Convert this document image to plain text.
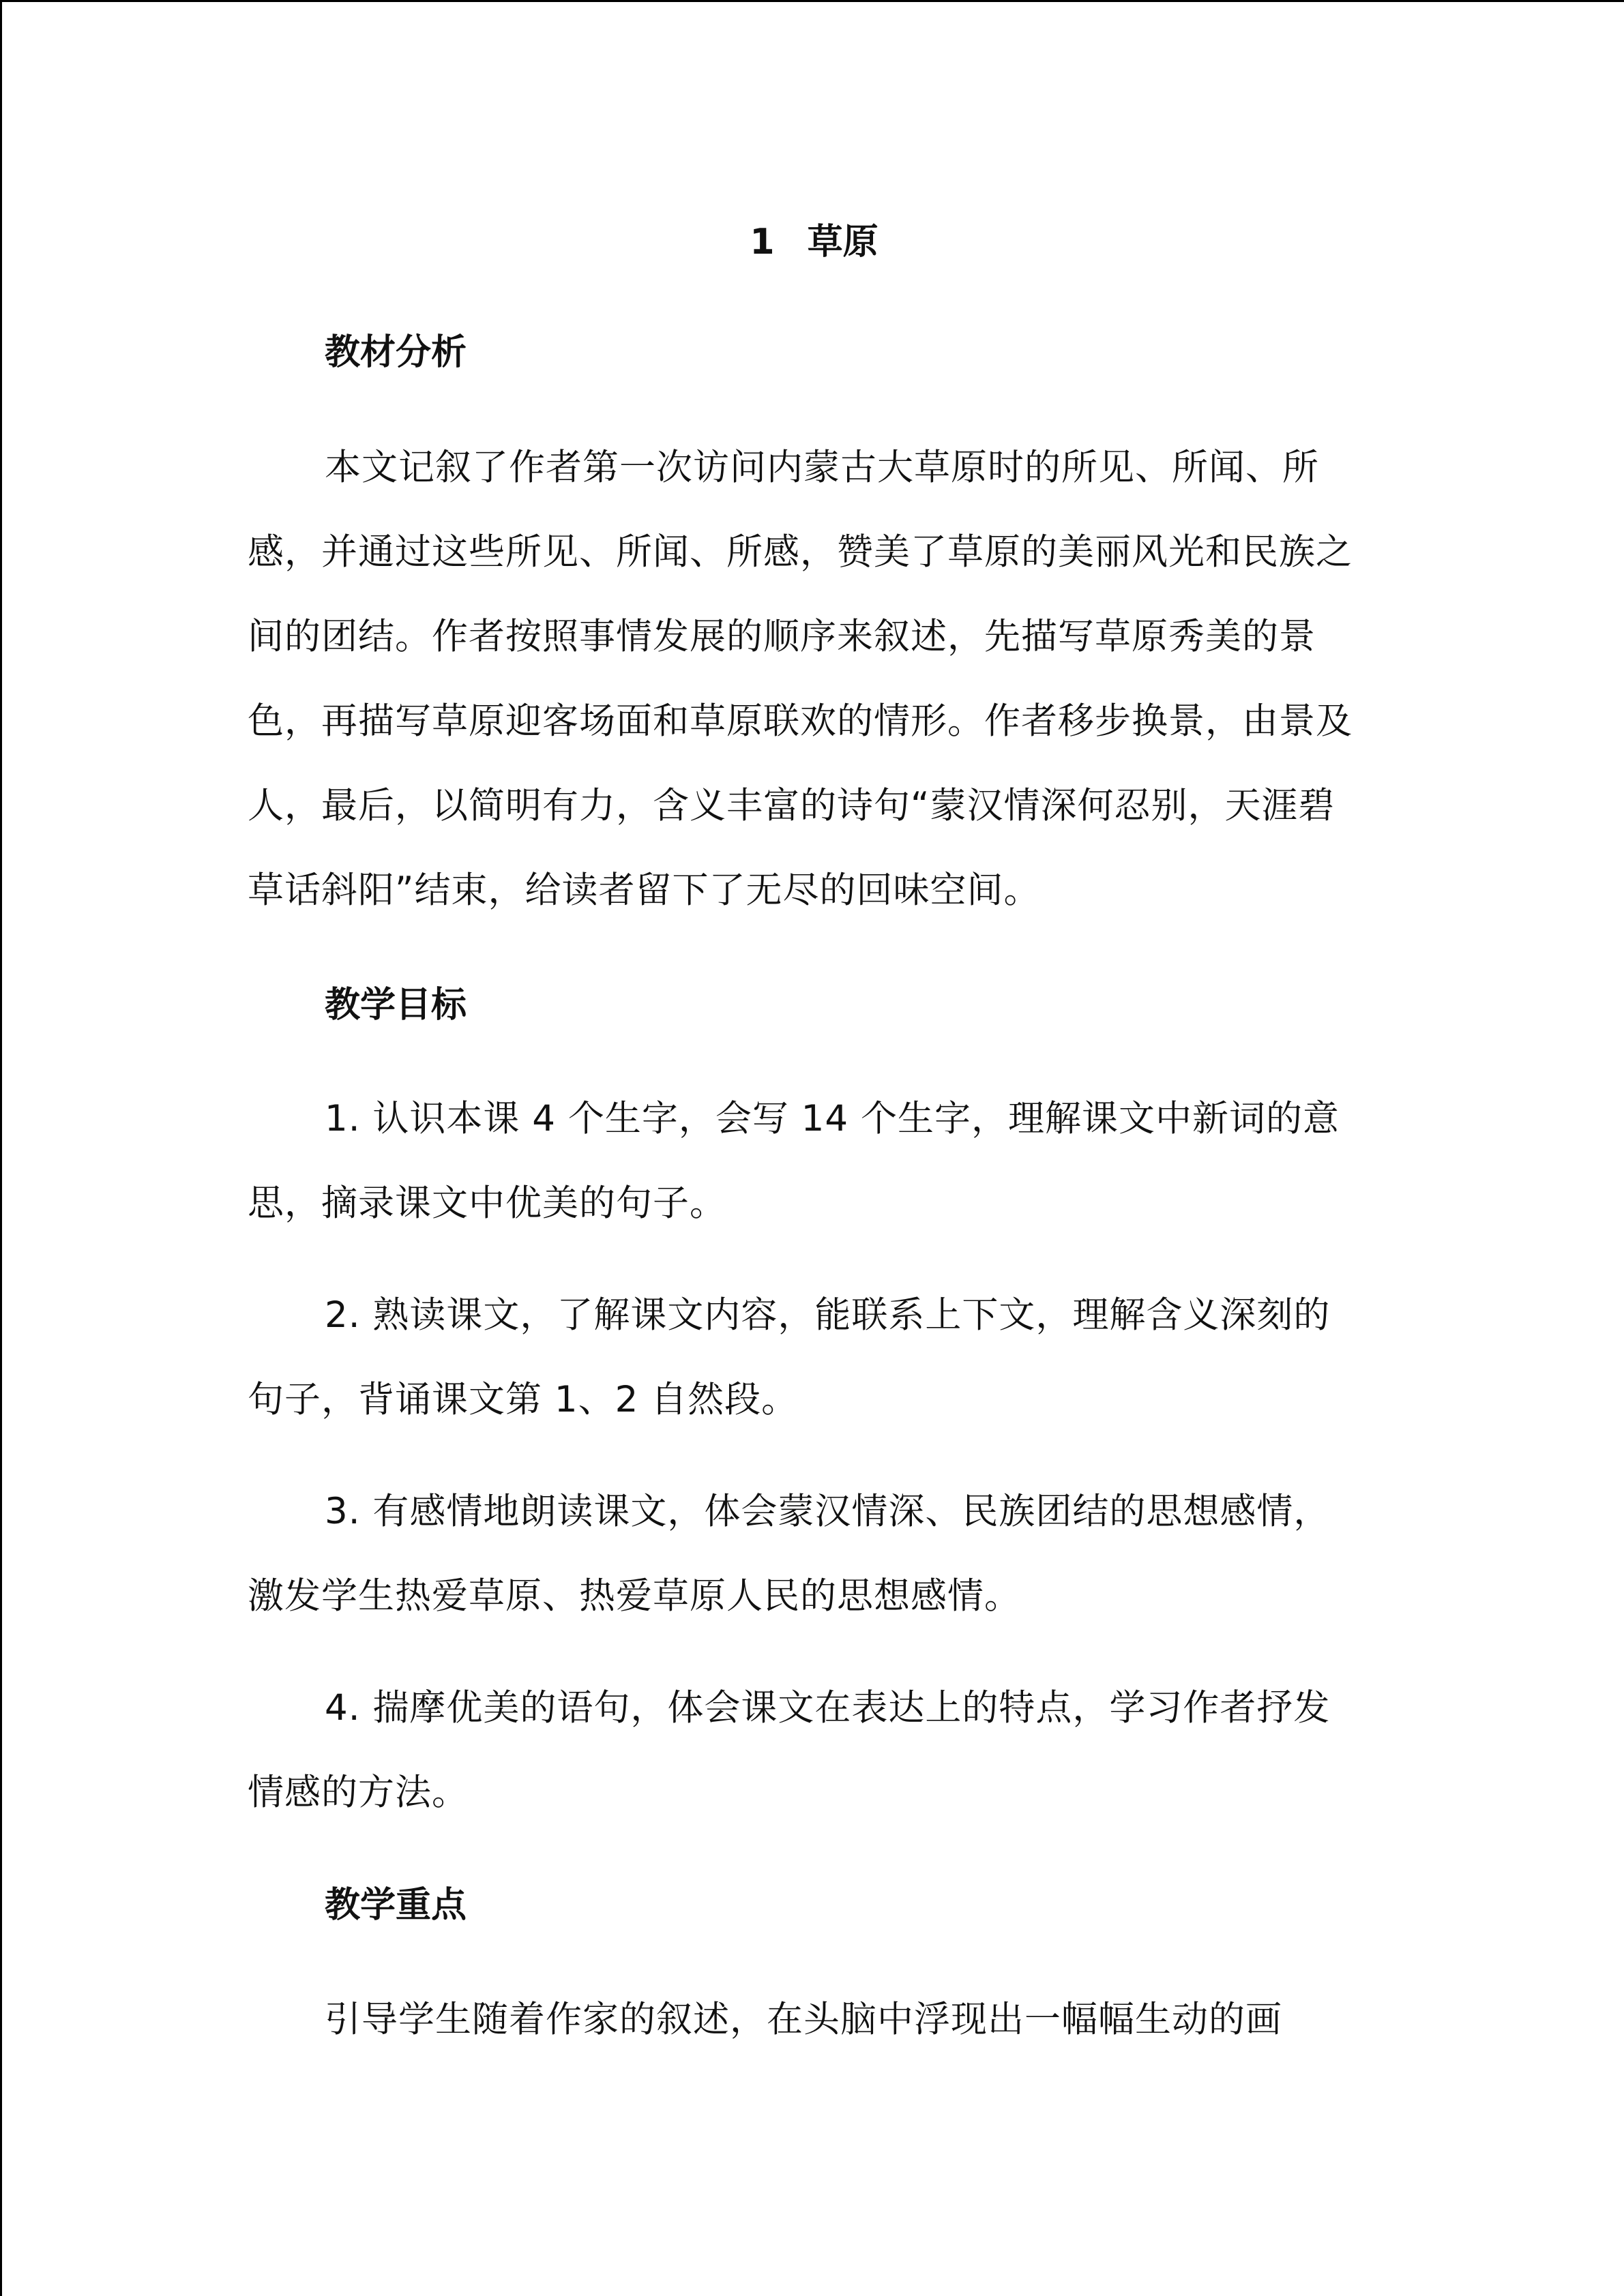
1 草原
教材分析
本文记叙了作者第一次访问内蒙古大草原时的所见、所闻、所感，并通过这些所见、所闻、所感，赞美了草原的美丽风光和民族之间的团结。作者按照事情发展的顺序来叙述，先描写草原秀美的景色，再描写草原迎客场面和草原联欢的情形。作者移步换景，由景及人，最后，以简明有力，含义丰富的诗句“蒙汉情深何忍别，天涯碧草话斜阳”结束，给读者留下了无尽的回味空间。
教学目标
1. 认识本课 4 个生字，会写 14 个生字，理解课文中新词的意思，摘录课文中优美的句子。
2. 熟读课文，了解课文内容，能联系上下文，理解含义深刻的句子，背诵课文第 1、2 自然段。
3. 有感情地朗读课文，体会蒙汉情深、民族团结的思想感情，激发学生热爱草原、热爱草原人民的思想感情。
4. 揣摩优美的语句，体会课文在表达上的特点，学习作者抒发情感的方法。
教学重点
引导学生随着作家的叙述，在头脑中浮现出一幅幅生动的画
